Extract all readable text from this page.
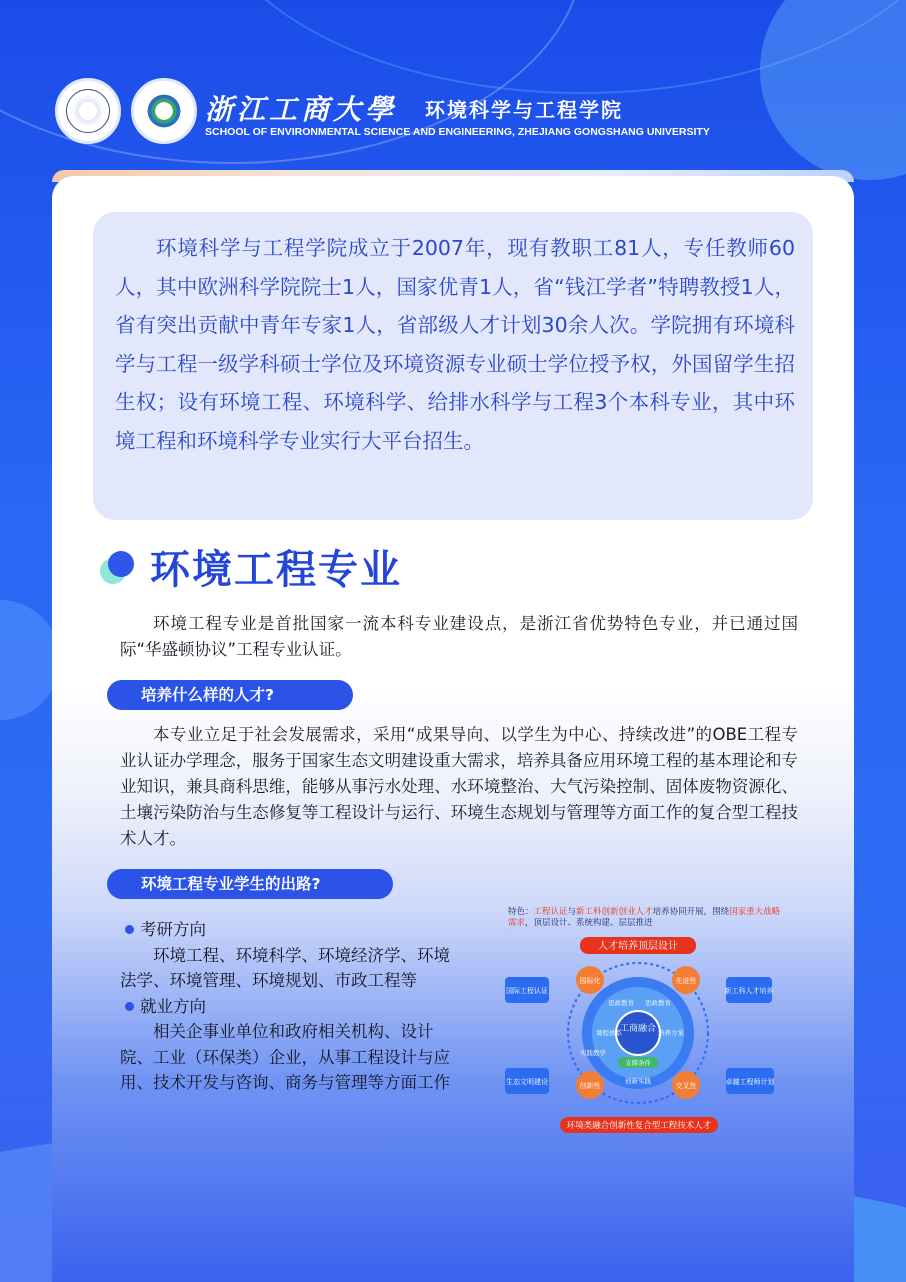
浙江工商大學 环境科学与工程学院
SCHOOL OF ENVIRONMENTAL SCIENCE AND ENGINEERING, ZHEJIANG GONGSHANG UNIVERSITY

环境科学与工程学院成立于2007年，现有教职工81人，专任教师60人，其中欧洲科学院院士1人，国家优青1人，省“钱江学者”特聘教授1人，省有突出贡献中青年专家1人，省部级人才计划30余人次。学院拥有环境科学与工程一级学科硕士学位及环境资源专业硕士学位授予权，外国留学生招生权；设有环境工程、环境科学、给排水科学与工程3个本科专业，其中环境工程和环境科学专业实行大平台招生。

环境工程专业

环境工程专业是首批国家一流本科专业建设点，是浙江省优势特色专业，并已通过国际“华盛顿协议”工程专业认证。

培养什么样的人才?

本专业立足于社会发展需求，采用“成果导向、以学生为中心、持续改进”的OBE工程专业认证办学理念，服务于国家生态文明建设重大需求，培养具备应用环境工程的基本理论和专业知识，兼具商科思维，能够从事污水处理、水环境整治、大气污染控制、固体废物资源化、土壤污染防治与生态修复等工程设计与运行、环境生态规划与管理等方面工作的复合型工程技术人才。

环境工程专业学生的出路?
考研方向
环境工程、环境科学、环境经济学、环境法学、环境管理、环境规划、市政工程等
就业方向
相关企事业单位和政府相关机构、设计院、工业（环保类）企业，从事工程设计与应用、技术开发与咨询、商务与管理等方面工作
特色：工程认证与新工科创新创业人才培养协同开展，围绕国家重大战略需求，顶层设计、系统构建、层层推进
人才培养顶层设计
工商融合
国际化	先进性
交叉性
创新性
思政教育 思政教育
课程体系	培养方案
实践教学
支撑条件
创新实践
国际工程认证	新工科人才培养
生态文明建设	卓越工程师计划
环境类融合创新性复合型工程技术人才
